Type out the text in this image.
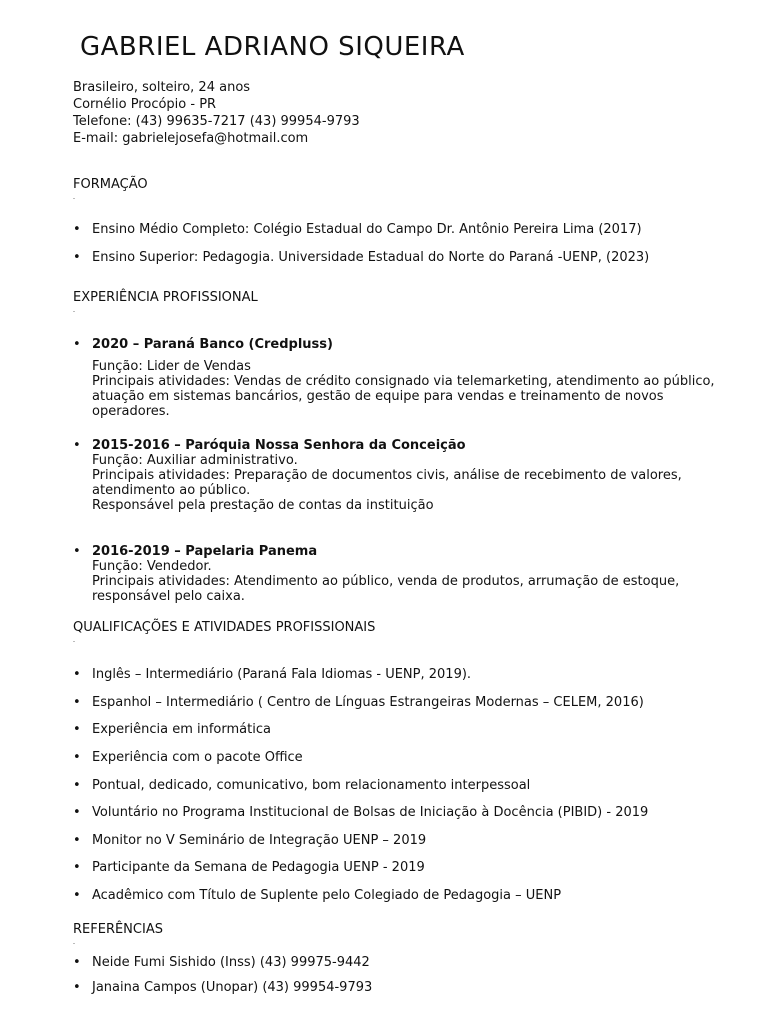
GABRIEL ADRIANO SIQUEIRA
Brasileiro, solteiro, 24 anos
Cornélio Procópio - PR
Telefone: (43) 99635-7217 (43) 99954-9793
E-mail: gabrielejosefa@hotmail.com
FORMAÇÃO
• Ensino Médio Completo: Colégio Estadual do Campo Dr. Antônio Pereira Lima (2017)
• Ensino Superior: Pedagogia. Universidade Estadual do Norte do Paraná -UENP, (2023)
EXPERIÊNCIA PROFISSIONAL
• 2020 – Paraná Banco (Credpluss)
Função: Lider de Vendas
Principais atividades: Vendas de crédito consignado via telemarketing, atendimento ao público, atuação em sistemas bancários, gestão de equipe para vendas e treinamento de novos operadores.
• 2015-2016 – Paróquia Nossa Senhora da Conceição
Função: Auxiliar administrativo.
Principais atividades: Preparação de documentos civis, análise de recebimento de valores, atendimento ao público.
Responsável pela prestação de contas da instituição
• 2016-2019 – Papelaria Panema
Função: Vendedor.
Principais atividades: Atendimento ao público, venda de produtos, arrumação de estoque, responsável pelo caixa.
QUALIFICAÇÕES E ATIVIDADES PROFISSIONAIS
• Inglês – Intermediário (Paraná Fala Idiomas - UENP, 2019).
• Espanhol – Intermediário ( Centro de Línguas Estrangeiras Modernas – CELEM, 2016)
• Experiência em informática
• Experiência com o pacote Office
• Pontual, dedicado, comunicativo, bom relacionamento interpessoal
• Voluntário no Programa Institucional de Bolsas de Iniciação à Docência (PIBID) - 2019
• Monitor no V Seminário de Integração UENP – 2019
• Participante da Semana de Pedagogia UENP - 2019
• Acadêmico com Título de Suplente pelo Colegiado de Pedagogia – UENP
REFERÊNCIAS
• Neide Fumi Sishido (Inss) (43) 99975-9442
• Janaina Campos (Unopar) (43) 99954-9793
